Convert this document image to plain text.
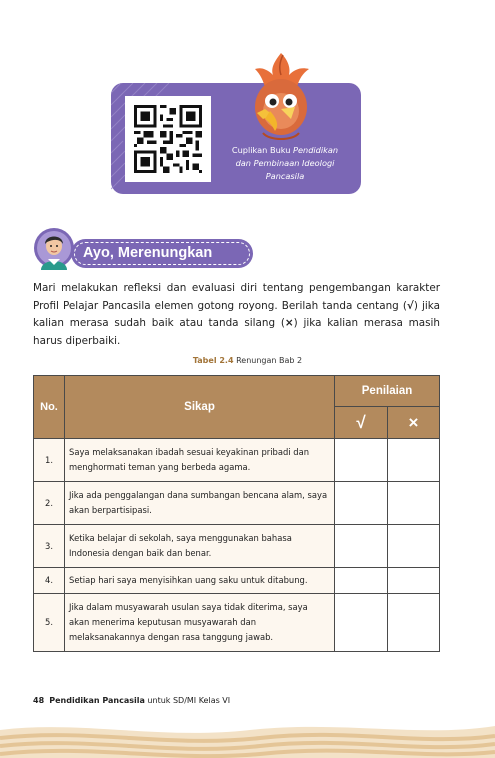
Cuplikan Buku Pendidikan
dan Pembinaan Ideologi
Pancasila
Ayo, Merenungkan

Mari melakukan refleksi dan evaluasi diri tentang pengembangan karakter Profil Pelajar Pancasila elemen gotong royong. Berilah tanda centang (√) jika kalian merasa sudah baik atau tanda silang (×) jika kalian merasa masih harus diperbaiki.

Tabel 2.4 Renungan Bab 2
No.	Sikap	Penilaian	
		√	×
1.	Saya melaksanakan ibadah sesuai keyakinan pribadi dan menghormati teman yang berbeda agama.		
2.	Jika ada penggalangan dana sumbangan bencana alam, saya akan berpartisipasi.		
3.	Ketika belajar di sekolah, saya menggunakan bahasa Indonesia dengan baik dan benar.		
4.	Setiap hari saya menyisihkan uang saku untuk ditabung.		
5.	Jika dalam musyawarah usulan saya tidak diterima, saya akan menerima keputusan musyawarah dan melaksanakannya dengan rasa tanggung jawab.		
48 Pendidikan Pancasila untuk SD/MI Kelas VI
